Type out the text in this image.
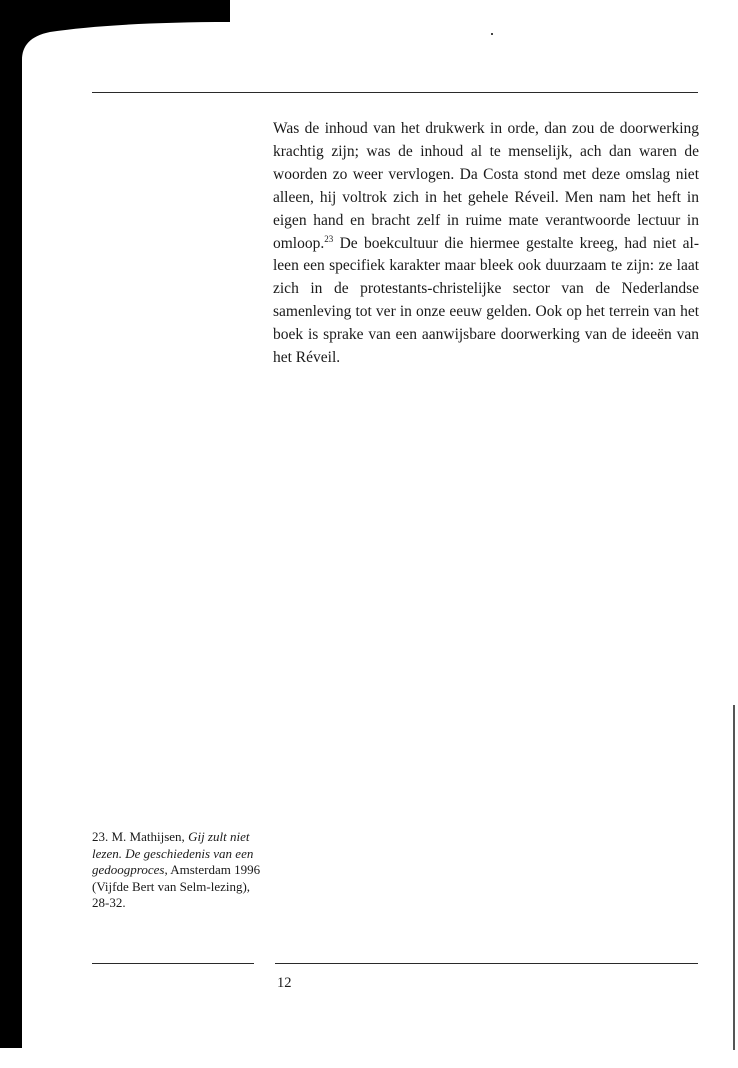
Was de inhoud van het drukwerk in orde, dan zou de doorwerking krachtig zijn; was de inhoud al te menselijk, ach dan waren de woorden zo weer vervlogen. Da Costa stond met deze omslag niet alleen, hij voltrok zich in het gehele Réveil. Men nam het heft in eigen hand en bracht zelf in ruime mate verantwoorde lectuur in omloop.$^{23}$ De boekcultuur die hiermee gestalte kreeg, had niet al-leen een specifiek karakter maar bleek ook duurzaam te zijn: ze laat zich in de protestants-christelijke sector van de Nederlandse samenleving tot ver in onze eeuw gelden. Ook op het terrein van het boek is sprake van een aanwijsbare doorwerking van de ideeën van het Réveil.

23. M. Mathijsen, Gij zult niet lezen. De geschiedenis van een gedoogproces, Amsterdam 1996 (Vijfde Bert van Selm-lezing), 28-32.

12
